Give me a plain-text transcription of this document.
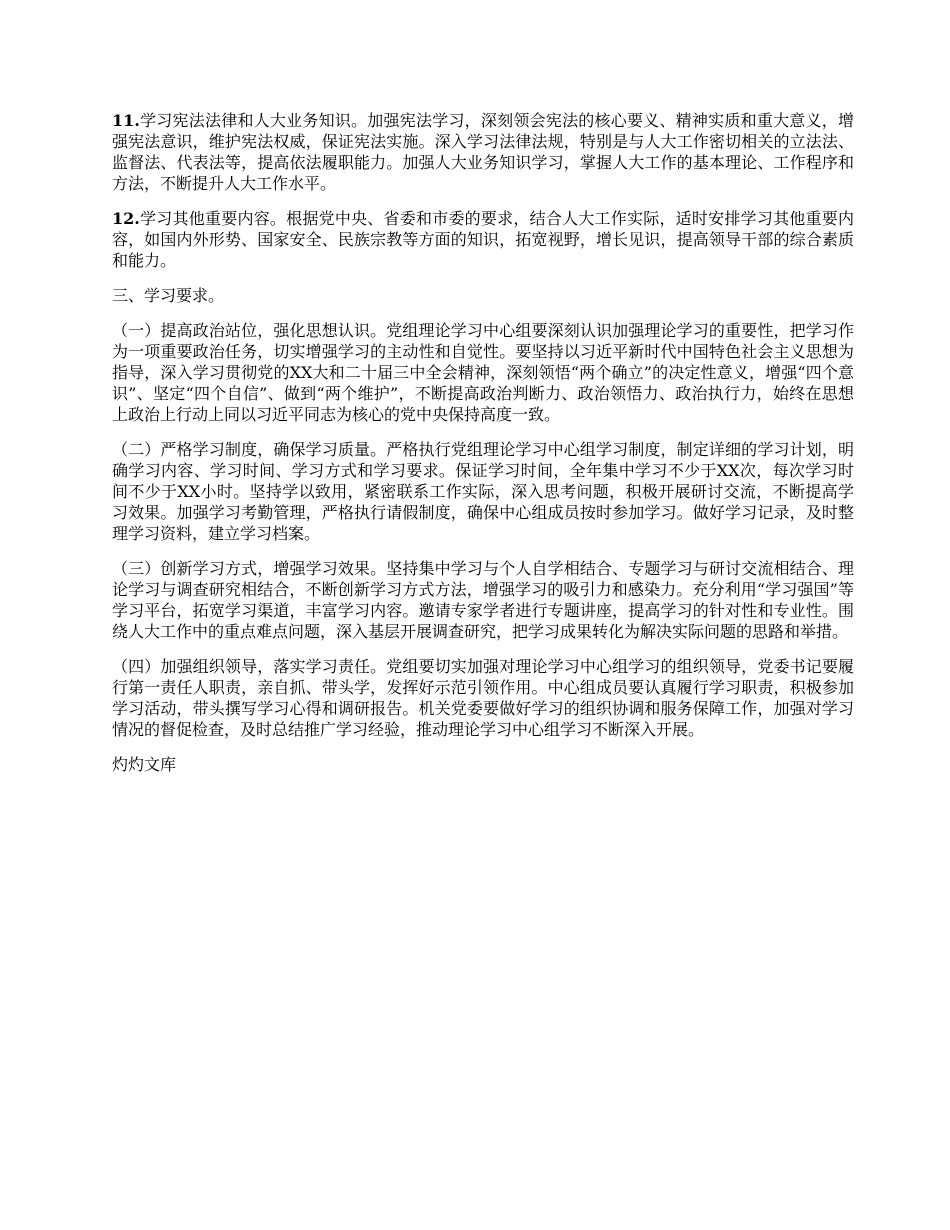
11.学习宪法法律和人大业务知识。加强宪法学习，深刻领会宪法的核心要义、精神实质和重大意义，增强宪法意识，维护宪法权威，保证宪法实施。深入学习法律法规，特别是与人大工作密切相关的立法法、监督法、代表法等，提高依法履职能力。加强人大业务知识学习，掌握人大工作的基本理论、工作程序和方法，不断提升人大工作水平。

12.学习其他重要内容。根据党中央、省委和市委的要求，结合人大工作实际，适时安排学习其他重要内容，如国内外形势、国家安全、民族宗教等方面的知识，拓宽视野，增长见识，提高领导干部的综合素质和能力。

三、学习要求。

（一）提高政治站位，强化思想认识。党组理论学习中心组要深刻认识加强理论学习的重要性，把学习作为一项重要政治任务，切实增强学习的主动性和自觉性。要坚持以习近平新时代中国特色社会主义思想为指导，深入学习贯彻党的XX大和二十届三中全会精神，深刻领悟“两个确立”的决定性意义，增强“四个意识”、坚定“四个自信”、做到“两个维护”，不断提高政治判断力、政治领悟力、政治执行力，始终在思想上政治上行动上同以习近平同志为核心的党中央保持高度一致。

（二）严格学习制度，确保学习质量。严格执行党组理论学习中心组学习制度，制定详细的学习计划，明确学习内容、学习时间、学习方式和学习要求。保证学习时间，全年集中学习不少于XX次，每次学习时间不少于XX小时。坚持学以致用，紧密联系工作实际，深入思考问题，积极开展研讨交流，不断提高学习效果。加强学习考勤管理，严格执行请假制度，确保中心组成员按时参加学习。做好学习记录，及时整理学习资料，建立学习档案。

（三）创新学习方式，增强学习效果。坚持集中学习与个人自学相结合、专题学习与研讨交流相结合、理论学习与调查研究相结合，不断创新学习方式方法，增强学习的吸引力和感染力。充分利用“学习强国”等学习平台，拓宽学习渠道，丰富学习内容。邀请专家学者进行专题讲座，提高学习的针对性和专业性。围绕人大工作中的重点难点问题，深入基层开展调查研究，把学习成果转化为解决实际问题的思路和举措。

（四）加强组织领导，落实学习责任。党组要切实加强对理论学习中心组学习的组织领导，党委书记要履行第一责任人职责，亲自抓、带头学，发挥好示范引领作用。中心组成员要认真履行学习职责，积极参加学习活动，带头撰写学习心得和调研报告。机关党委要做好学习的组织协调和服务保障工作，加强对学习情况的督促检查，及时总结推广学习经验，推动理论学习中心组学习不断深入开展。

灼灼文库
